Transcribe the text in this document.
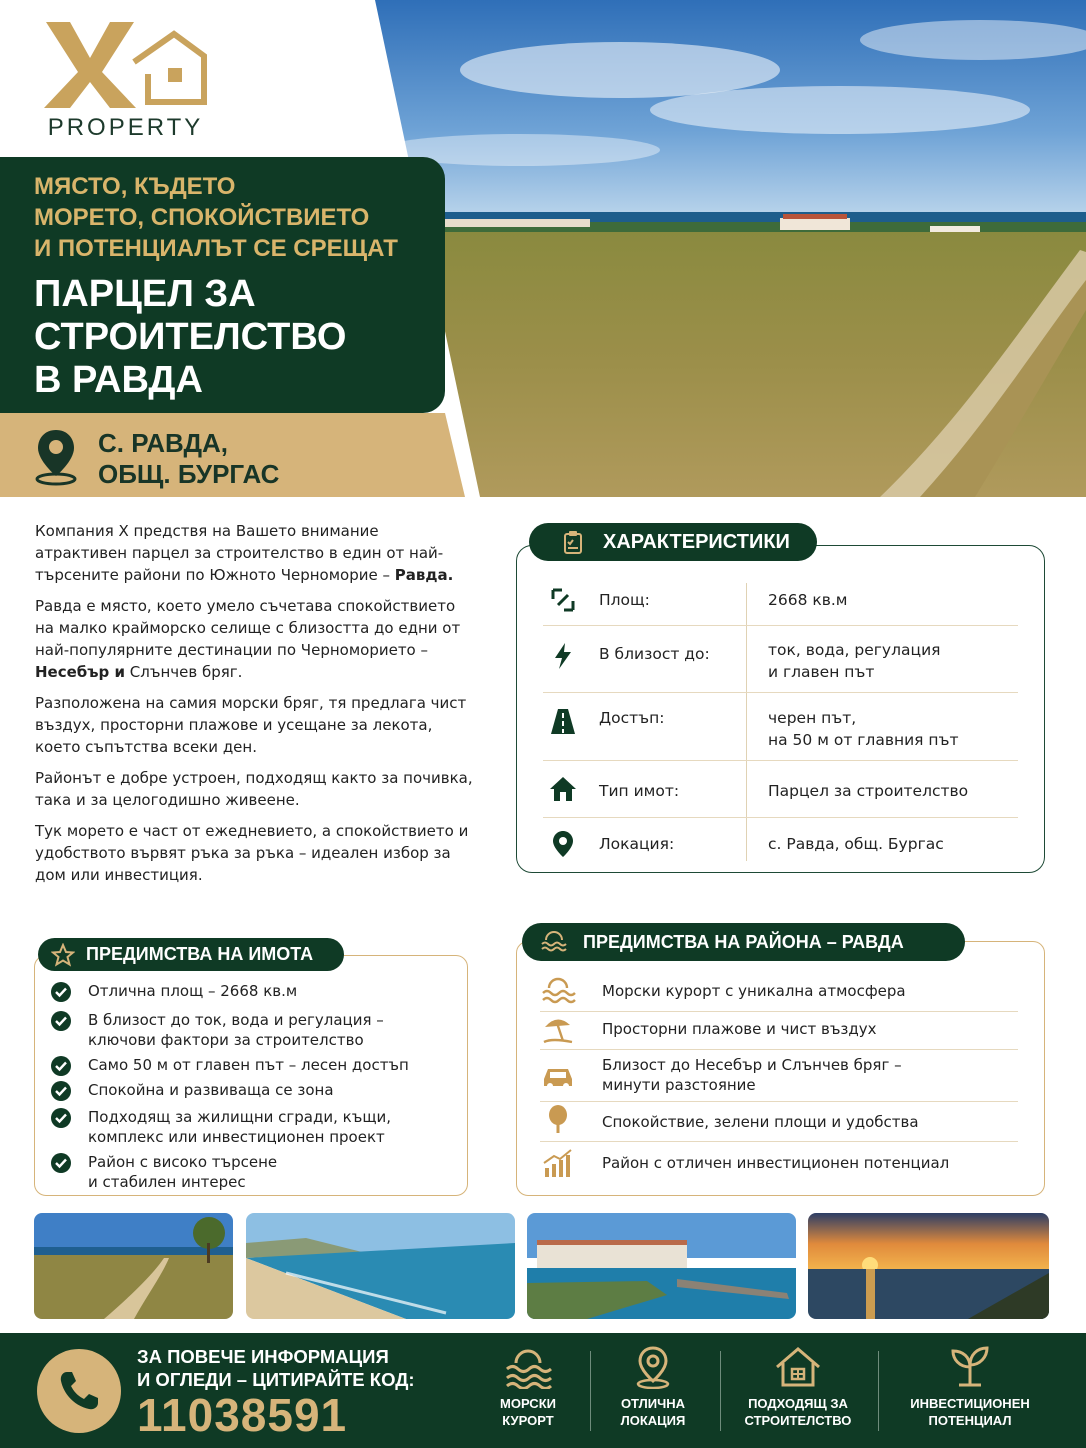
PROPERTY
МЯСТО, КЪДЕТО
МОРЕТО, СПОКОЙСТВИЕТО
И ПОТЕНЦИАЛЪТ СЕ СРЕЩАТ
ПАРЦЕЛ ЗА
СТРОИТЕЛСТВО
В РАВДА
С. РАВДА,
ОБЩ. БУРГАС

Компания Х предствя на Вашето внимание атрактивен парцел за строителство в един от най-търсените райони по Южното Черноморие – Равда.

Равда е място, което умело съчетава спокойствието на малко крайморско селище с близостта до едни от най-популярните дестинации по Черноморието – Несебър и Слънчев бряг.

Разположена на самия морски бряг, тя предлага чист въздух, просторни плажове и усещане за лекота, което съпътства всеки ден.

Районът е добре устроен, подходящ както за почивка, така и за целогодишно живеене.

Тук морето е част от ежедневието, а спокойствието и удобството вървят ръка за ръка – идеален избор за дом или инвестиция.

ХАРАКТЕРИСТИКИ
Площ:	2668 кв.м
В близост до:	ток, вода, регулация
и главен път
Достъп:	черен път,
на 50 м от главния път
Тип имот:	Парцел за строителство
Локация:	с. Равда, общ. Бургас
ПРЕДИМСТВА НА ИМОТА
Отлична площ – 2668 кв.м
В близост до ток, вода и регулация –
ключови фактори за строителство
Само 50 м от главен път – лесен достъп
Спокойна и развиваща се зона
Подходящ за жилищни сгради, къщи,
комплекс или инвестиционен проект
Район с високо търсене
и стабилен интерес
ПРЕДИМСТВА НА РАЙОНА – РАВДА
Морски курорт с уникална атмосфера
Просторни плажове и чист въздух
Близост до Несебър и Слънчев бряг –
минути разстояние
Спокойствие, зелени площи и удобства
Район с отличен инвестиционен потенциал
ЗА ПОВЕЧЕ ИНФОРМАЦИЯ
И ОГЛЕДИ – ЦИТИРАЙТЕ КОД:
11038591	МОРСКИ
КУРОРТ
ОТЛИЧНА
ЛОКАЦИЯ
ПОДХОДЯЩ ЗА
СТРОИТЕЛСТВО
ИНВЕСТИЦИОНЕН
ПОТЕНЦИАЛ
